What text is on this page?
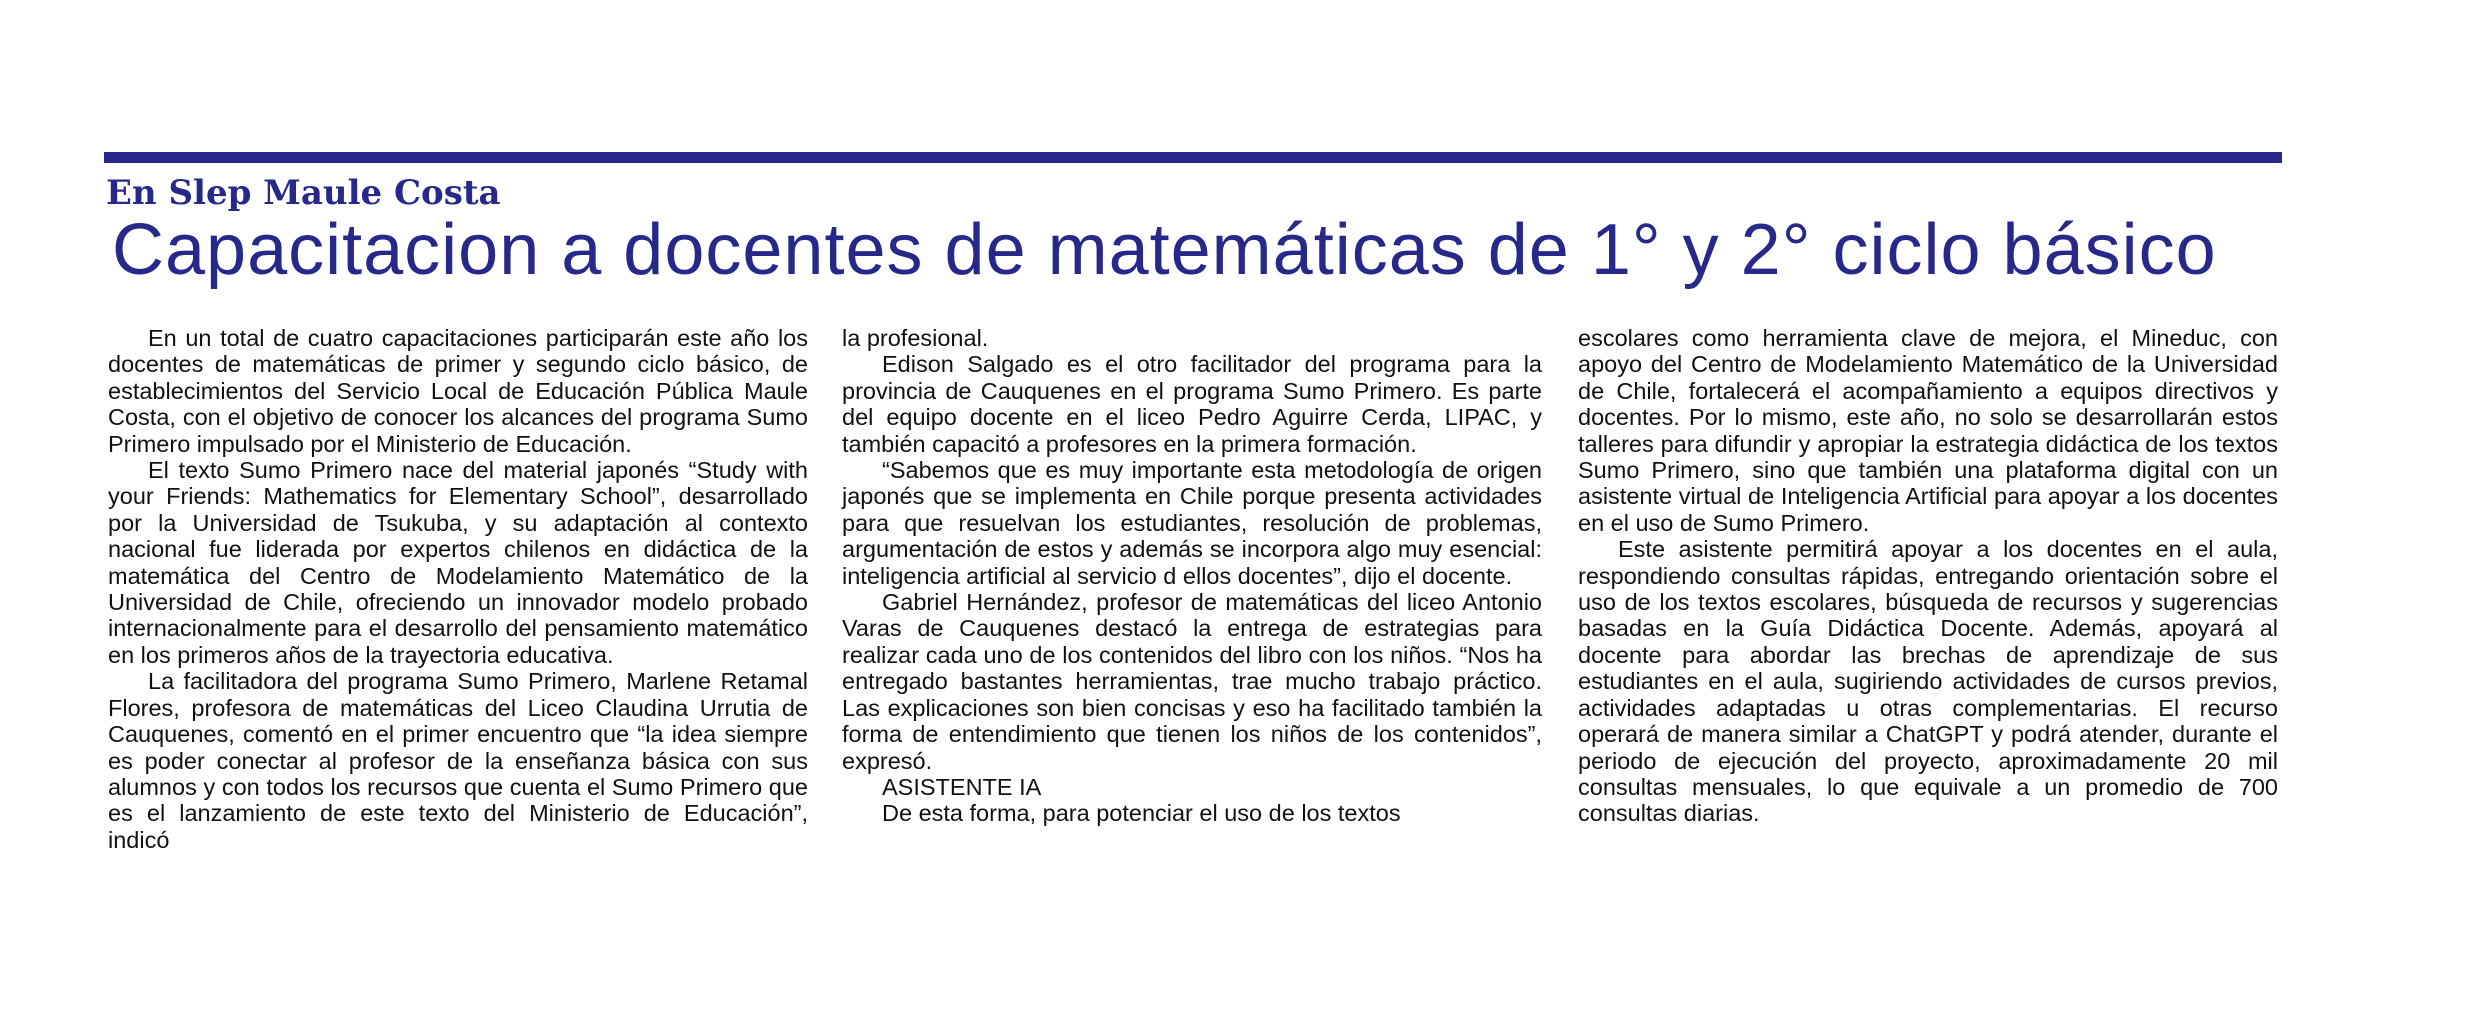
En Slep Maule Costa
Capacitacion a docentes de matemáticas de 1° y 2° ciclo básico

En un total de cuatro capacitaciones participarán este año los docentes de matemáticas de primer y segundo ciclo básico, de establecimientos del Servicio Local de Educación Pública Maule Costa, con el objetivo de conocer los alcances del programa Sumo Primero impulsado por el Ministerio de Educación.

El texto Sumo Primero nace del material japonés “Study with your Friends: Mathematics for Elementary School”, desarrollado por la Universidad de Tsukuba, y su adaptación al contexto nacional fue liderada por expertos chilenos en didáctica de la matemática del Centro de Modelamiento Matemático de la Universidad de Chile, ofreciendo un innovador modelo probado internacionalmente para el desarrollo del pensamiento matemático en los primeros años de la trayectoria educativa.

La facilitadora del programa Sumo Primero, Marlene Retamal Flores, profesora de matemáticas del Liceo Claudina Urrutia de Cauquenes, comentó en el primer encuentro que “la idea siempre es poder conectar al profesor de la enseñanza básica con sus alumnos y con todos los recursos que cuenta el Sumo Primero que es el lanzamiento de este texto del Ministerio de Educación”, indicó

la profesional.

Edison Salgado es el otro facilitador del programa para la provincia de Cauquenes en el programa Sumo Primero. Es parte del equipo docente en el liceo Pedro Aguirre Cerda, LIPAC, y también capacitó a profesores en la primera formación.

“Sabemos que es muy importante esta metodología de origen japonés que se implementa en Chile porque presenta actividades para que resuelvan los estudiantes, resolución de problemas, argumentación de estos y además se incorpora algo muy esencial: inteligencia artificial al servicio d ellos docentes”, dijo el docente.

Gabriel Hernández, profesor de matemáticas del liceo Antonio Varas de Cauquenes destacó la entrega de estrategias para realizar cada uno de los contenidos del libro con los niños. “Nos ha entregado bastantes herramientas, trae mucho trabajo práctico. Las explicaciones son bien concisas y eso ha facilitado también la forma de entendimiento que tienen los niños de los contenidos”, expresó.

ASISTENTE IA

De esta forma, para potenciar el uso de los textos

escolares como herramienta clave de mejora, el Mineduc, con apoyo del Centro de Modelamiento Matemático de la Universidad de Chile, fortalecerá el acompañamiento a equipos directivos y docentes. Por lo mismo, este año, no solo se desarrollarán estos talleres para difundir y apropiar la estrategia didáctica de los textos Sumo Primero, sino que también una plataforma digital con un asistente virtual de Inteligencia Artificial para apoyar a los docentes en el uso de Sumo Primero.

Este asistente permitirá apoyar a los docentes en el aula, respondiendo consultas rápidas, entregando orientación sobre el uso de los textos escolares, búsqueda de recursos y sugerencias basadas en la Guía Didáctica Docente. Además, apoyará al docente para abordar las brechas de aprendizaje de sus estudiantes en el aula, sugiriendo actividades de cursos previos, actividades adaptadas u otras complementarias. El recurso operará de manera similar a ChatGPT y podrá atender, durante el periodo de ejecución del proyecto, aproximadamente 20 mil consultas mensuales, lo que equivale a un promedio de 700 consultas diarias.
